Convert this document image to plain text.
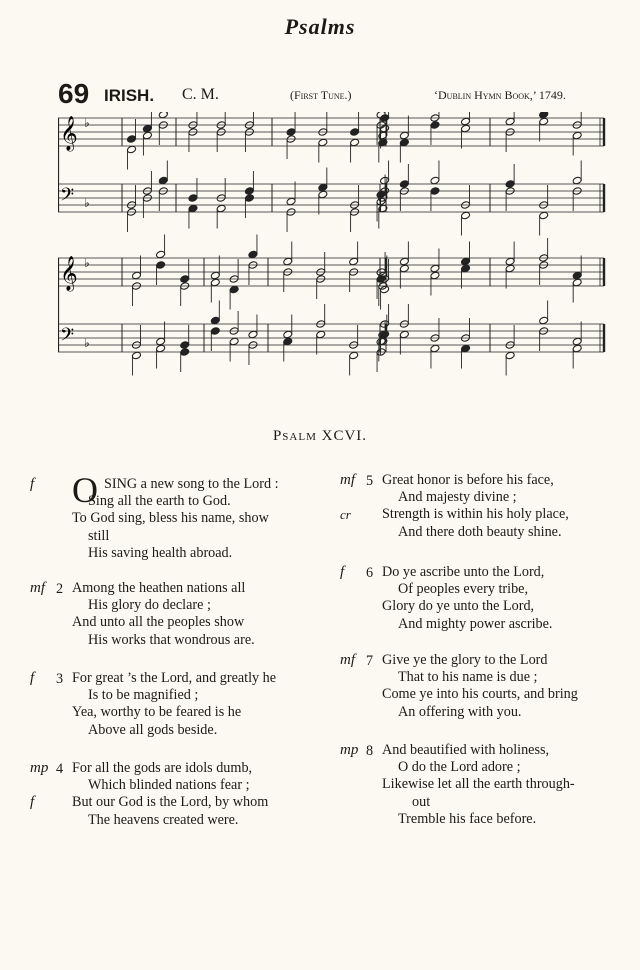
Psalms
69 IRISH. C. M.	(First Tune.)	‘Dublin Hymn Book,’ 1749.
𝄞
𝄢
♭
♭
𝄞
𝄢
♭
♭
Psalm XCVI.
f O SING a new song to the Lord :
Sing all the earth to God.
To God sing, bless his name, show
still
His saving health abroad.
mf 2 Among the heathen nations all
His glory do declare ;
And unto all the peoples show
His works that wondrous are.
f 3 For great ’s the Lord, and greatly he
Is to be magnified ;
Yea, worthy to be feared is he
Above all gods beside.
mp 4 For all the gods are idols dumb,
Which blinded nations fear ;
But our God is the Lord, by whom
The heavens created were.
f
mf 5 Great honor is before his face,
And majesty divine ;
Strength is within his holy place,
And there doth beauty shine.
cr
f 6 Do ye ascribe unto the Lord,
Of peoples every tribe,
Glory do ye unto the Lord,
And mighty power ascribe.
mf 7 Give ye the glory to the Lord
That to his name is due ;
Come ye into his courts, and bring
An offering with you.
mp 8 And beautified with holiness,
O do the Lord adore ;
Likewise let all the earth through-
out
Tremble his face before.
